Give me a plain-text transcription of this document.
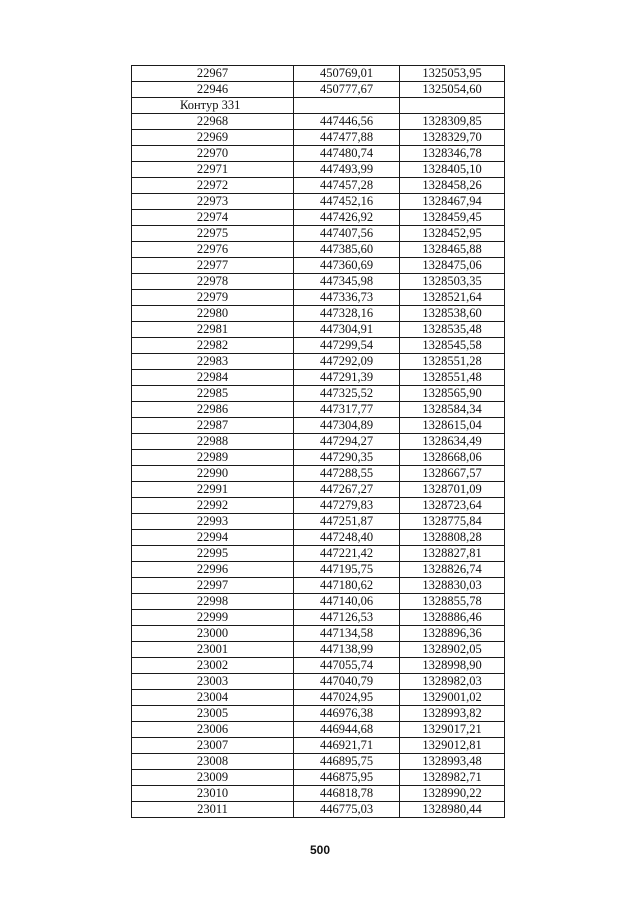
22967	450769,01	1325053,95
22946	450777,67	1325054,60
Контур 331		
22968	447446,56	1328309,85
22969	447477,88	1328329,70
22970	447480,74	1328346,78
22971	447493,99	1328405,10
22972	447457,28	1328458,26
22973	447452,16	1328467,94
22974	447426,92	1328459,45
22975	447407,56	1328452,95
22976	447385,60	1328465,88
22977	447360,69	1328475,06
22978	447345,98	1328503,35
22979	447336,73	1328521,64
22980	447328,16	1328538,60
22981	447304,91	1328535,48
22982	447299,54	1328545,58
22983	447292,09	1328551,28
22984	447291,39	1328551,48
22985	447325,52	1328565,90
22986	447317,77	1328584,34
22987	447304,89	1328615,04
22988	447294,27	1328634,49
22989	447290,35	1328668,06
22990	447288,55	1328667,57
22991	447267,27	1328701,09
22992	447279,83	1328723,64
22993	447251,87	1328775,84
22994	447248,40	1328808,28
22995	447221,42	1328827,81
22996	447195,75	1328826,74
22997	447180,62	1328830,03
22998	447140,06	1328855,78
22999	447126,53	1328886,46
23000	447134,58	1328896,36
23001	447138,99	1328902,05
23002	447055,74	1328998,90
23003	447040,79	1328982,03
23004	447024,95	1329001,02
23005	446976,38	1328993,82
23006	446944,68	1329017,21
23007	446921,71	1329012,81
23008	446895,75	1328993,48
23009	446875,95	1328982,71
23010	446818,78	1328990,22
23011	446775,03	1328980,44
500
